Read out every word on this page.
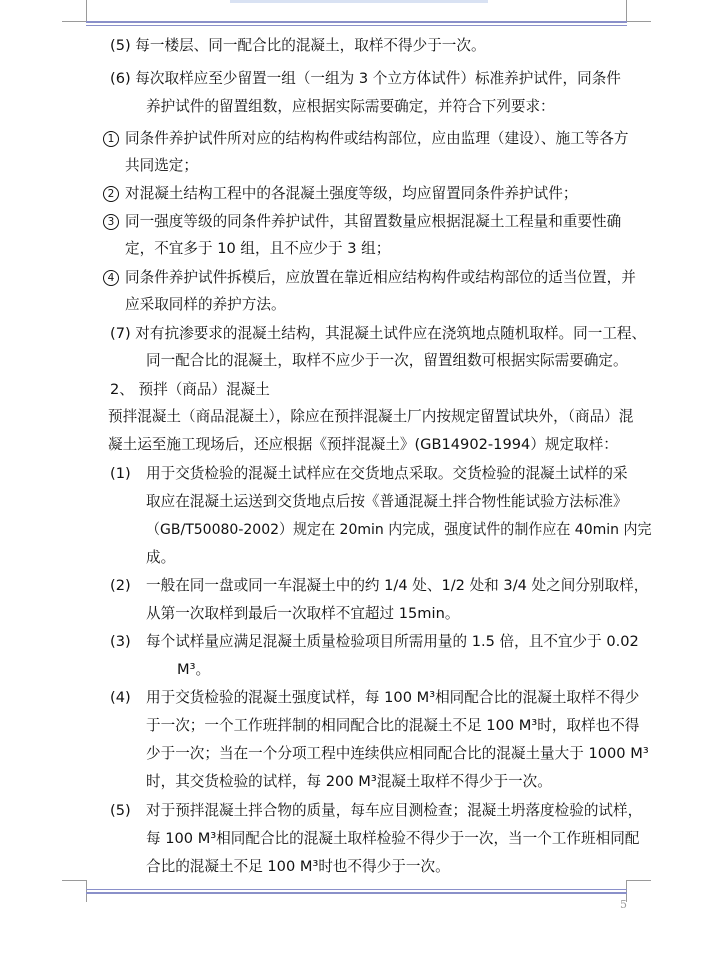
(5) 每一楼层、同一配合比的混凝土，取样不得少于一次。
(6) 每次取样应至少留置一组（一组为 3 个立方体试件）标准养护试件，同条件
养护试件的留置组数，应根据实际需要确定，并符合下列要求：
1 同条件养护试件所对应的结构构件或结构部位，应由监理（建设）、施工等各方
共同选定；
2 对混凝土结构工程中的各混凝土强度等级，均应留置同条件养护试件；
3 同一强度等级的同条件养护试件，其留置数量应根据混凝土工程量和重要性确
定，不宜多于 10 组，且不应少于 3 组；
4 同条件养护试件拆模后，应放置在靠近相应结构构件或结构部位的适当位置，并
应采取同样的养护方法。
(7) 对有抗渗要求的混凝土结构，其混凝土试件应在浇筑地点随机取样。同一工程、
同一配合比的混凝土，取样不应少于一次，留置组数可根据实际需要确定。
2、 预拌（商品）混凝土
预拌混凝土（商品混凝土），除应在预拌混凝土厂内按规定留置试块外，（商品）混
凝土运至施工现场后，还应根据《预拌混凝土》(GB14902-1994）规定取样：
(1) 用于交货检验的混凝土试样应在交货地点采取。交货检验的混凝土试样的采
取应在混凝土运送到交货地点后按《普通混凝土拌合物性能试验方法标准》
（GB/T50080-2002）规定在 20min 内完成，强度试件的制作应在 40min 内完
成。
(2) 一般在同一盘或同一车混凝土中的约 1/4 处、1/2 处和 3/4 处之间分别取样，
从第一次取样到最后一次取样不宜超过 15min。
(3) 每个试样量应满足混凝土质量检验项目所需用量的 1.5 倍，且不宜少于 0.02
M³。
(4) 用于交货检验的混凝土强度试样，每 100 M³相同配合比的混凝土取样不得少
于一次；一个工作班拌制的相同配合比的混凝土不足 100 M³时，取样也不得
少于一次；当在一个分项工程中连续供应相同配合比的混凝土量大于 1000 M³
时，其交货检验的试样，每 200 M³混凝土取样不得少于一次。
(5) 对于预拌混凝土拌合物的质量，每车应目测检查；混凝土坍落度检验的试样，
每 100 M³相同配合比的混凝土取样检验不得少于一次，当一个工作班相同配
合比的混凝土不足 100 M³时也不得少于一次。
5
